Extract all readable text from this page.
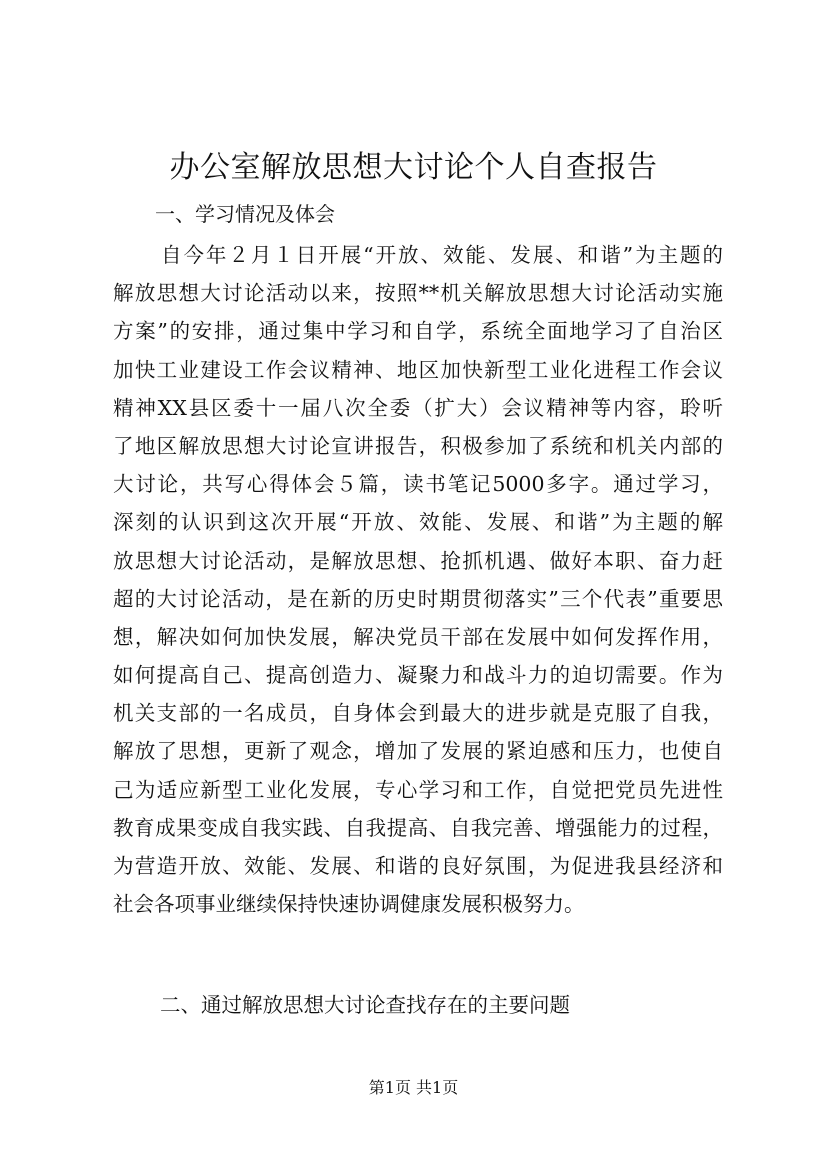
办公室解放思想大讨论个人自查报告

一、学习情况及体会

自今年２月１日开展“开放、效能、发展、和谐”为主题的
解放思想大讨论活动以来，按照**机关解放思想大讨论活动实施
方案”的安排，通过集中学习和自学，系统全面地学习了自治区
加快工业建设工作会议精神、地区加快新型工业化进程工作会议
精神XX县区委十一届八次全委（扩大）会议精神等内容，聆听
了地区解放思想大讨论宣讲报告，积极参加了系统和机关内部的
大讨论，共写心得体会５篇，读书笔记5000多字。通过学习，
深刻的认识到这次开展“开放、效能、发展、和谐”为主题的解
放思想大讨论活动，是解放思想、抢抓机遇、做好本职、奋力赶
超的大讨论活动，是在新的历史时期贯彻落实”三个代表”重要思
想，解决如何加快发展，解决党员干部在发展中如何发挥作用，
如何提高自己、提高创造力、凝聚力和战斗力的迫切需要。作为
机关支部的一名成员，自身体会到最大的进步就是克服了自我，
解放了思想，更新了观念，增加了发展的紧迫感和压力，也使自
己为适应新型工业化发展，专心学习和工作，自觉把党员先进性
教育成果变成自我实践、自我提高、自我完善、增强能力的过程，
为营造开放、效能、发展、和谐的良好氛围，为促进我县经济和
社会各项事业继续保持快速协调健康发展积极努力。

二、通过解放思想大讨论查找存在的主要问题

第1页 共1页
